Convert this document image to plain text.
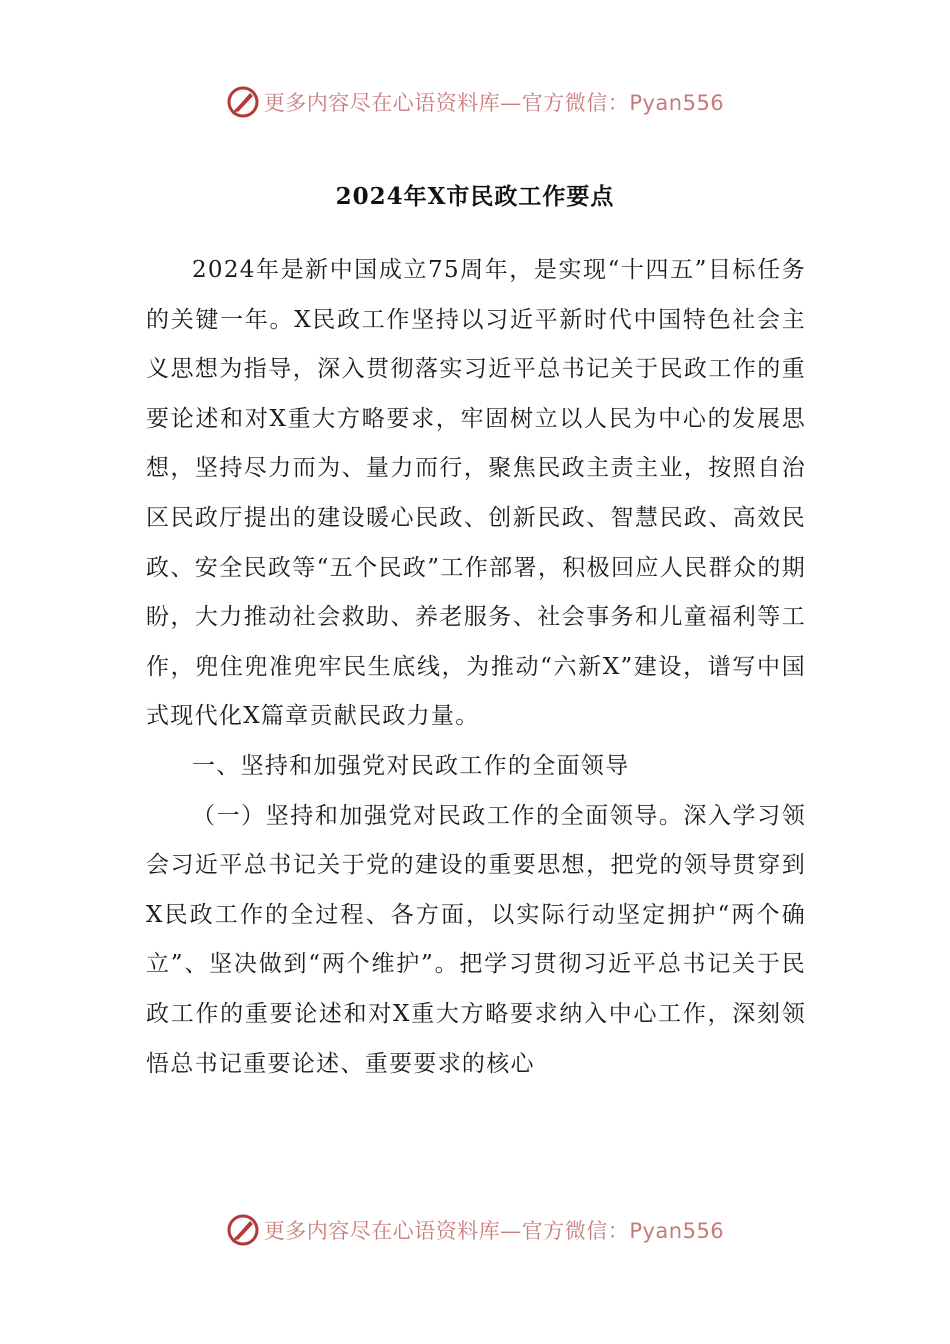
更多内容尽在心语资料库—官方微信：Pyan556
2024年X市民政工作要点

2024年是新中国成立75周年，是实现“十四五”目标任务的关键一年。X民政工作坚持以习近平新时代中国特色社会主义思想为指导，深入贯彻落实习近平总书记关于民政工作的重要论述和对X重大方略要求，牢固树立以人民为中心的发展思想，坚持尽力而为、量力而行，聚焦民政主责主业，按照自治区民政厅提出的建设暖心民政、创新民政、智慧民政、高效民政、安全民政等“五个民政”工作部署，积极回应人民群众的期盼，大力推动社会救助、养老服务、社会事务和儿童福利等工作，兜住兜准兜牢民生底线，为推动“六新X”建设，谱写中国式现代化X篇章贡献民政力量。

一、坚持和加强党对民政工作的全面领导

（一）坚持和加强党对民政工作的全面领导。深入学习领会习近平总书记关于党的建设的重要思想，把党的领导贯穿到X民政工作的全过程、各方面，以实际行动坚定拥护“两个确立”、坚决做到“两个维护”。把学习贯彻习近平总书记关于民政工作的重要论述和对X重大方略要求纳入中心工作，深刻领悟总书记重要论述、重要要求的核心

更多内容尽在心语资料库—官方微信：Pyan556
